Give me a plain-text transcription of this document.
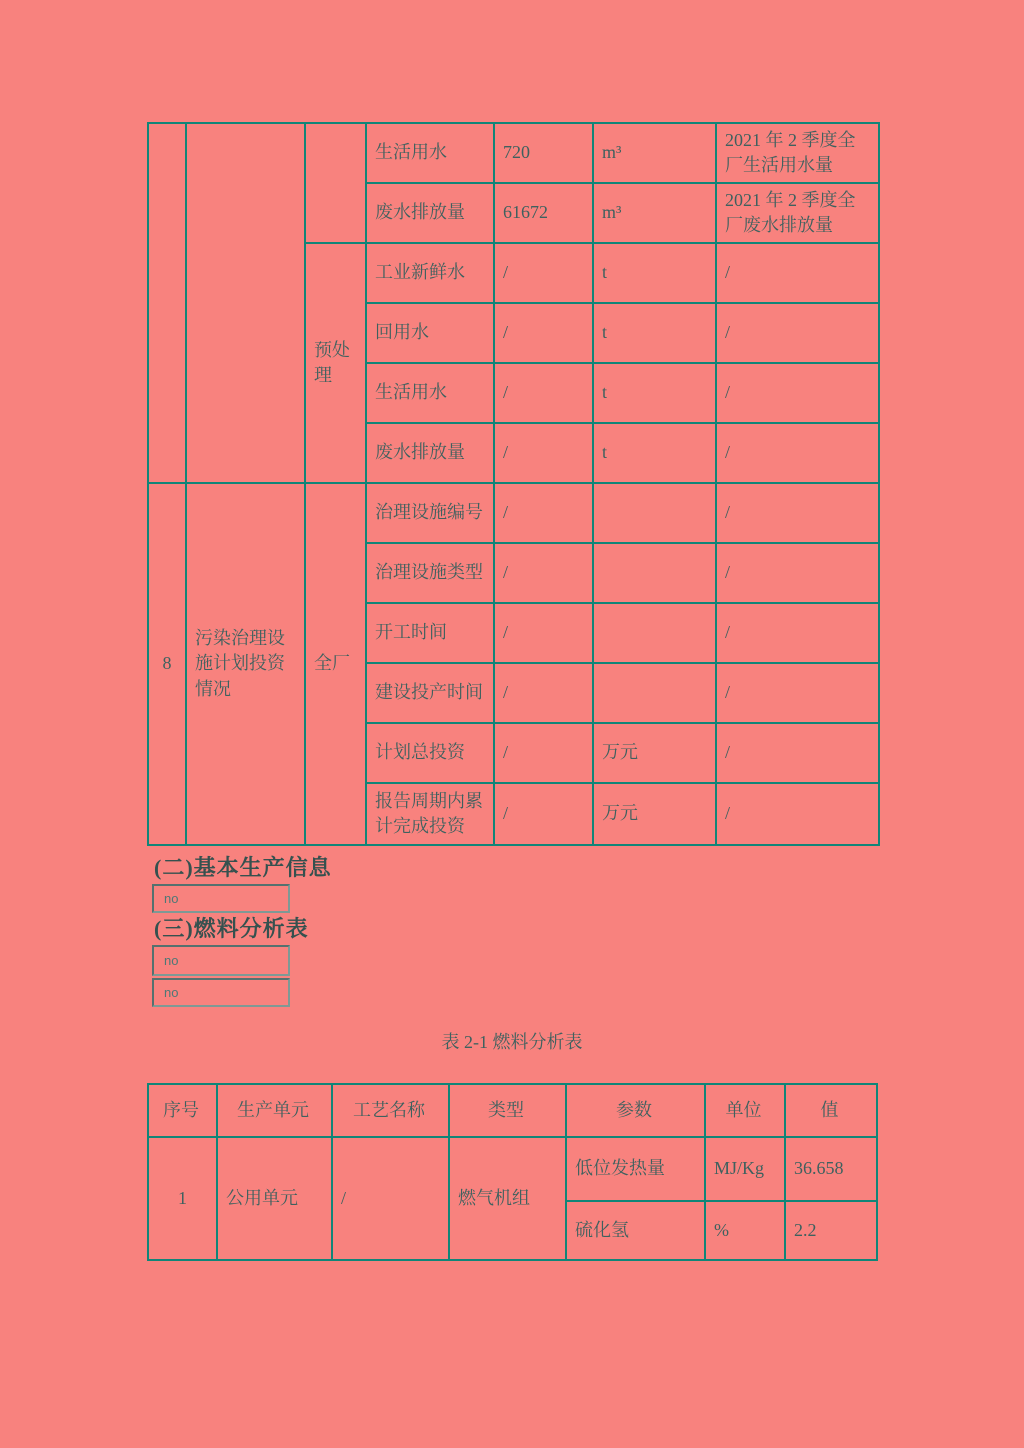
			生活用水	720	m³	2021 年 2 季度全厂生活用水量
			废水排放量	61672	m³	2021 年 2 季度全厂废水排放量
		预处理	工业新鲜水	/	t	/
			回用水	/	t	/
			生活用水	/	t	/
			废水排放量	/	t	/
8	污染治理设施计划投资情况	全厂	治理设施编号	/		/
			治理设施类型	/		/
			开工时间	/		/
			建设投产时间	/		/
			计划总投资	/	万元	/
			报告周期内累计完成投资	/	万元	/
(二)基本生产信息
no
(三)燃料分析表
no
no
表 2-1 燃料分析表
序号	生产单元	工艺名称	类型	参数	单位	值
1	公用单元	/	燃气机组	低位发热量	MJ/Kg	36.658
				硫化氢	%	2.2
